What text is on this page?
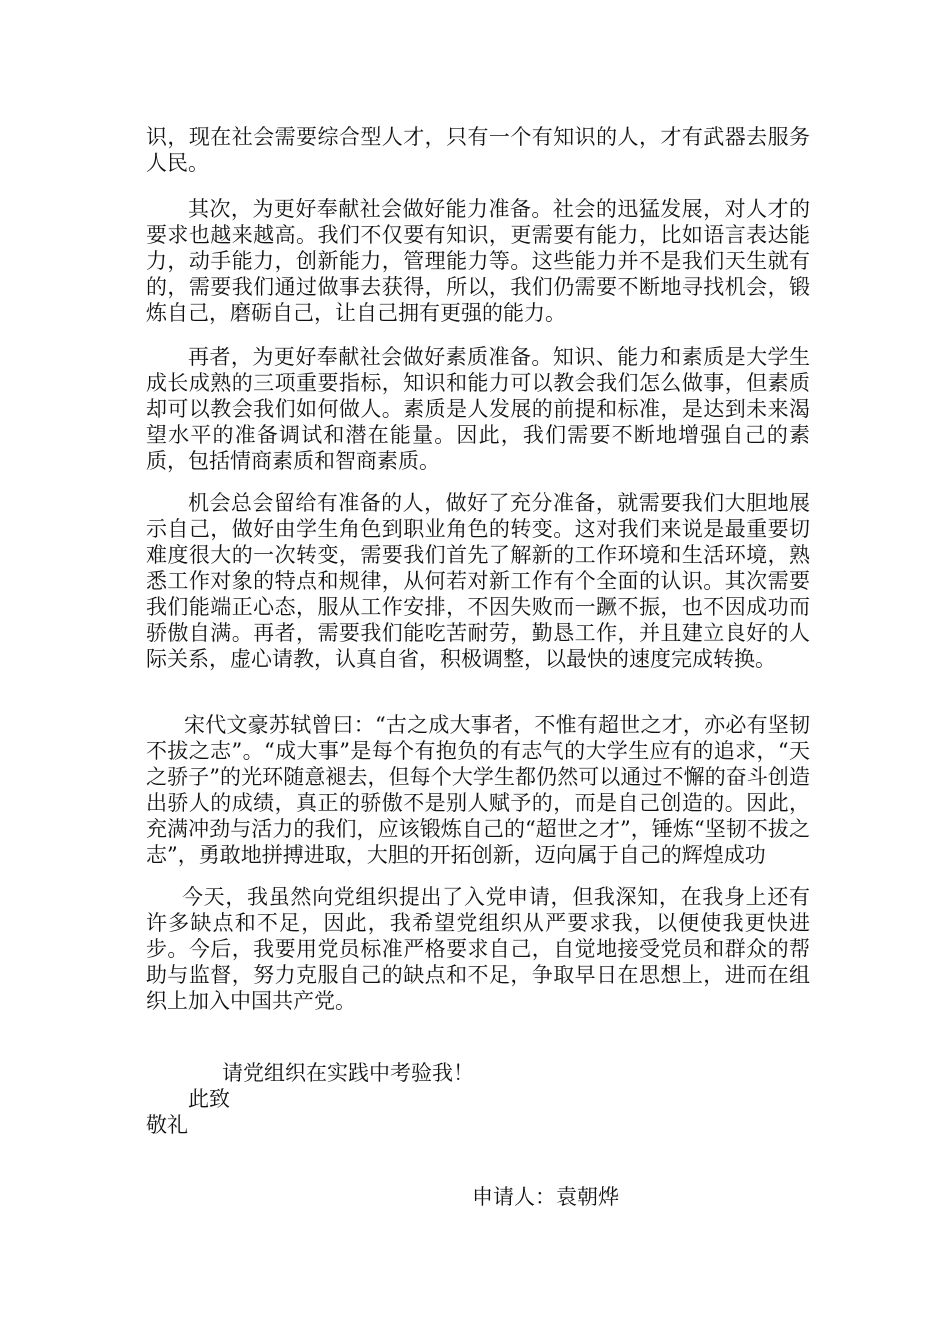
识，现在社会需要综合型人才，只有一个有知识的人，才有武器去服务人民。

其次，为更好奉献社会做好能力准备。社会的迅猛发展，对人才的要求也越来越高。我们不仅要有知识，更需要有能力，比如语言表达能力，动手能力，创新能力，管理能力等。这些能力并不是我们天生就有的，需要我们通过做事去获得，所以，我们仍需要不断地寻找机会，锻炼自己，磨砺自己，让自己拥有更强的能力。

再者，为更好奉献社会做好素质准备。知识、能力和素质是大学生成长成熟的三项重要指标，知识和能力可以教会我们怎么做事，但素质却可以教会我们如何做人。素质是人发展的前提和标准，是达到未来渴望水平的准备调试和潜在能量。因此，我们需要不断地增强自己的素质，包括情商素质和智商素质。

机会总会留给有准备的人，做好了充分准备，就需要我们大胆地展示自己，做好由学生角色到职业角色的转变。这对我们来说是最重要切难度很大的一次转变，需要我们首先了解新的工作环境和生活环境，熟悉工作对象的特点和规律，从何若对新工作有个全面的认识。其次需要我们能端正心态，服从工作安排，不因失败而一蹶不振，也不因成功而骄傲自满。再者，需要我们能吃苦耐劳，勤恳工作，并且建立良好的人际关系，虚心请教，认真自省，积极调整，以最快的速度完成转换。

宋代文豪苏轼曾曰：“古之成大事者，不惟有超世之才，亦必有坚韧不拔之志”。“成大事”是每个有抱负的有志气的大学生应有的追求，“天之骄子”的光环随意褪去，但每个大学生都仍然可以通过不懈的奋斗创造出骄人的成绩，真正的骄傲不是别人赋予的，而是自己创造的。因此，充满冲劲与活力的我们，应该锻炼自己的“超世之才”，锤炼“坚韧不拔之志”，勇敢地拼搏进取，大胆的开拓创新，迈向属于自己的辉煌成功

今天，我虽然向党组织提出了入党申请，但我深知，在我身上还有许多缺点和不足，因此，我希望党组织从严要求我，以便使我更快进步。今后，我要用党员标准严格要求自己，自觉地接受党员和群众的帮助与监督，努力克服自己的缺点和不足，争取早日在思想上，进而在组织上加入中国共产党。

请党组织在实践中考验我！

此致

敬礼

申请人：袁朝烨
